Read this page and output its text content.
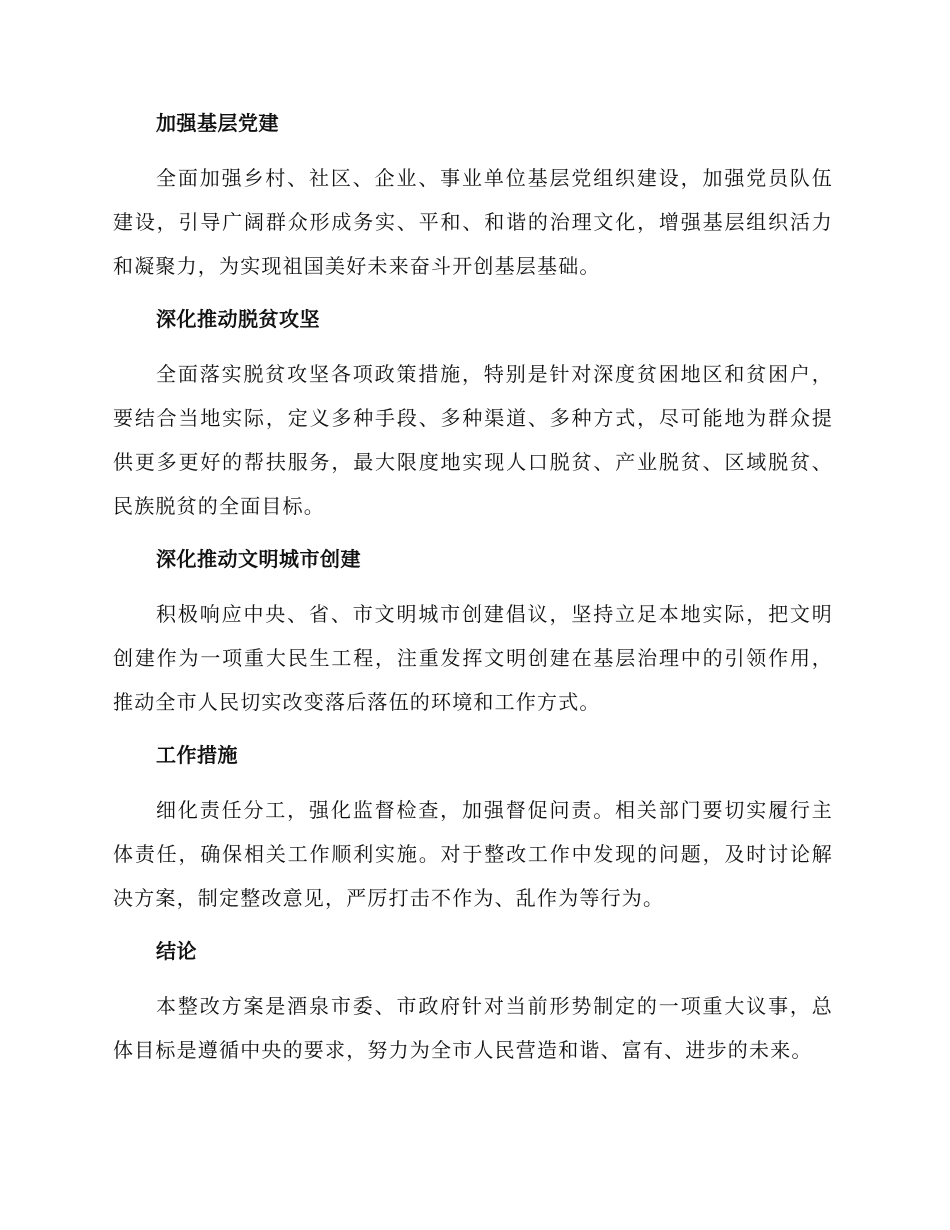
加强基层党建
全面加强乡村、社区、企业、事业单位基层党组织建设，加强党员队伍建设，引导广阔群众形成务实、平和、和谐的治理文化，增强基层组织活力和凝聚力，为实现祖国美好未来奋斗开创基层基础。
深化推动脱贫攻坚
全面落实脱贫攻坚各项政策措施，特别是针对深度贫困地区和贫困户，要结合当地实际，定义多种手段、多种渠道、多种方式，尽可能地为群众提供更多更好的帮扶服务，最大限度地实现人口脱贫、产业脱贫、区域脱贫、民族脱贫的全面目标。
深化推动文明城市创建
积极响应中央、省、市文明城市创建倡议，坚持立足本地实际，把文明创建作为一项重大民生工程，注重发挥文明创建在基层治理中的引领作用，推动全市人民切实改变落后落伍的环境和工作方式。
工作措施
细化责任分工，强化监督检查，加强督促问责。相关部门要切实履行主体责任，确保相关工作顺利实施。对于整改工作中发现的问题，及时讨论解决方案，制定整改意见，严厉打击不作为、乱作为等行为。
结论
本整改方案是酒泉市委、市政府针对当前形势制定的一项重大议事，总体目标是遵循中央的要求，努力为全市人民营造和谐、富有、进步的未来。
